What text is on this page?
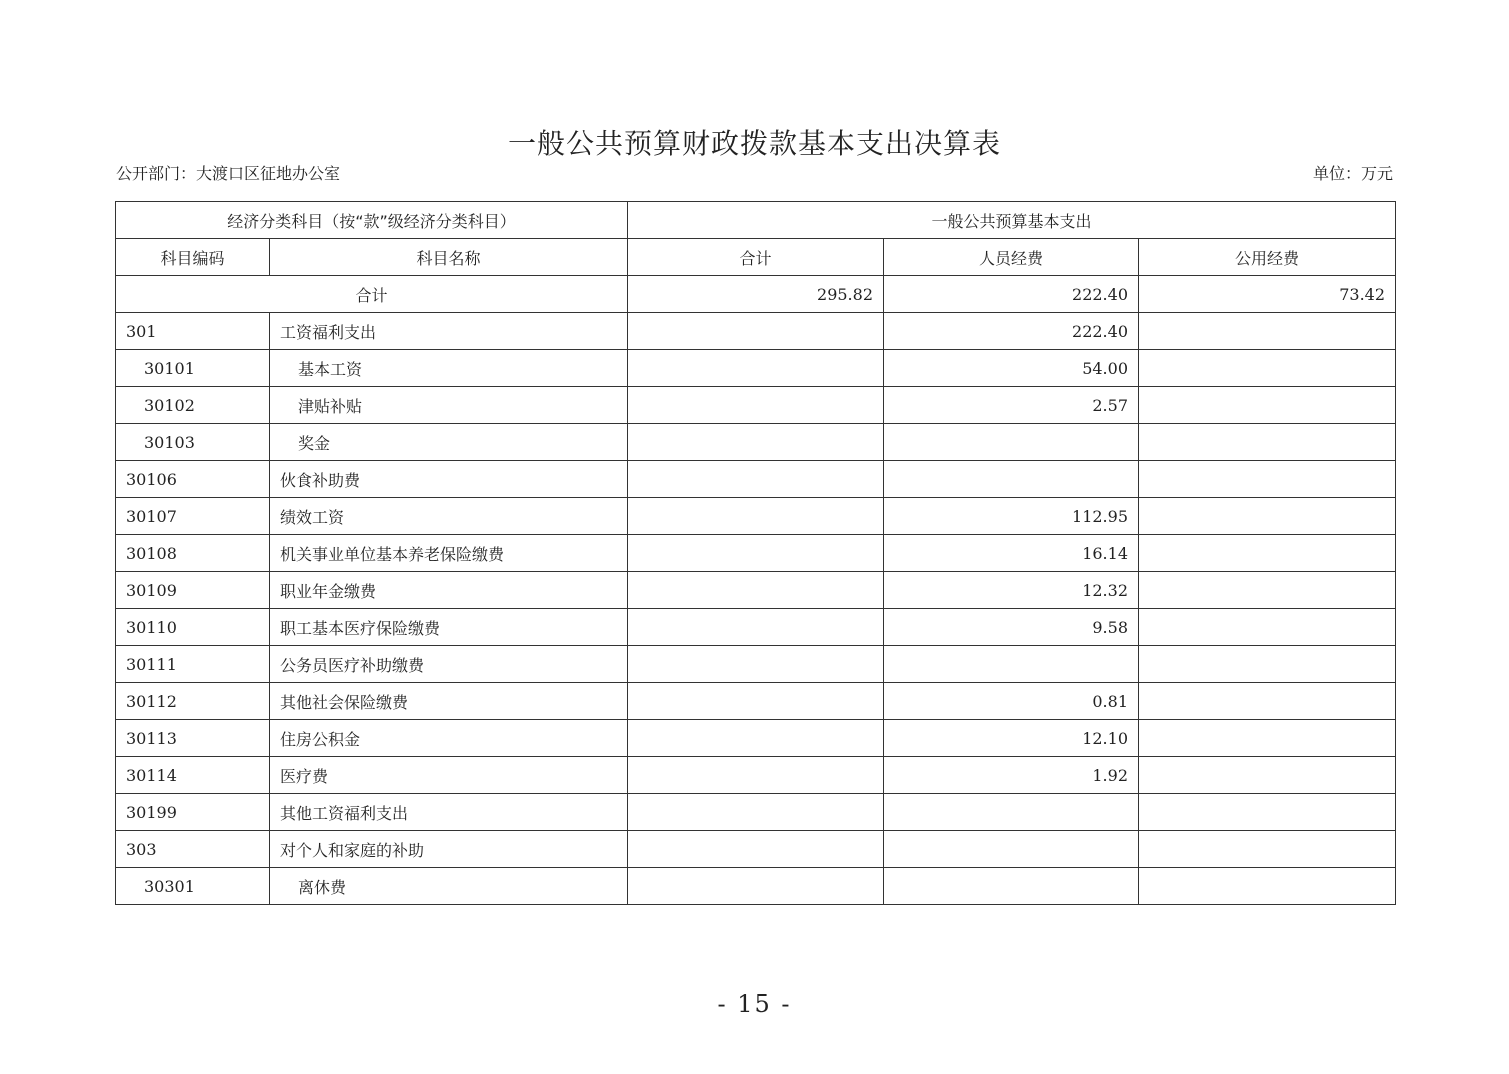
一般公共预算财政拨款基本支出决算表
公开部门：大渡口区征地办公室	单位：万元
经济分类科目（按“款”级经济分类科目）		一般公共预算基本支出		
科目编码	科目名称	合计	人员经费	公用经费
合计		295.82	222.40	73.42
301	工资福利支出		222.40	
30101	基本工资		54.00	
30102	津贴补贴		2.57	
30103	奖金			
30106	伙食补助费			
30107	绩效工资		112.95	
30108	机关事业单位基本养老保险缴费		16.14	
30109	职业年金缴费		12.32	
30110	职工基本医疗保险缴费		9.58	
30111	公务员医疗补助缴费			
30112	其他社会保险缴费		0.81	
30113	住房公积金		12.10	
30114	医疗费		1.92	
30199	其他工资福利支出			
303	对个人和家庭的补助			
30301	离休费			
- 15 -
